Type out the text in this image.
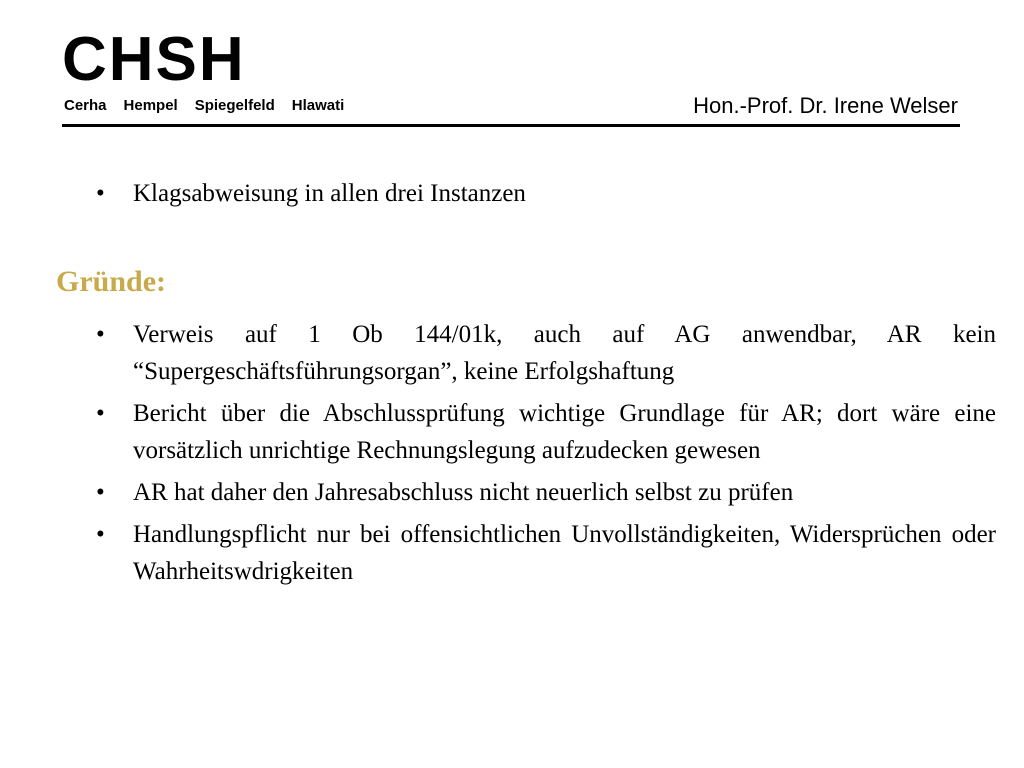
CHSH
Cerha Hempel Spiegelfeld Hlawati	Hon.-Prof. Dr. Irene Welser
• Klagsabweisung in allen drei Instanzen
Gründe:
• Verweis auf 1 Ob 144/01k, auch auf AG anwendbar, AR kein “Supergeschäftsführungsorgan”, keine Erfolgshaftung
• Bericht über die Abschlussprüfung wichtige Grundlage für AR; dort wäre eine vorsätzlich unrichtige Rechnungslegung aufzudecken gewesen
• AR hat daher den Jahresabschluss nicht neuerlich selbst zu prüfen
• Handlungspflicht nur bei offensichtlichen Unvollständigkeiten, Widersprüchen oder Wahrheitswdrigkeiten
